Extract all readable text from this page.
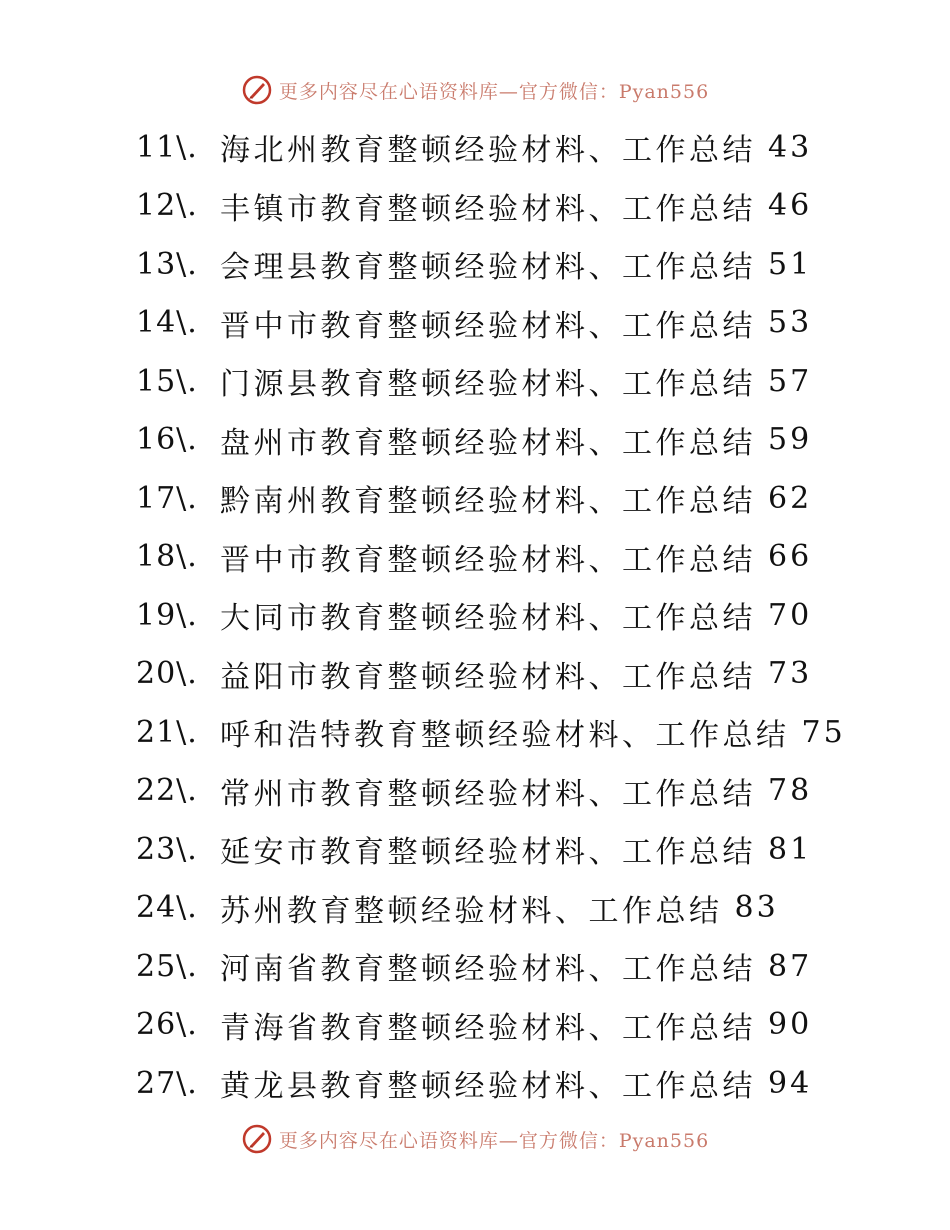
更多内容尽在心语资料库—官方微信：Pyan556
11\. 海北州教育整顿经验材料、工作总结 43
12\. 丰镇市教育整顿经验材料、工作总结 46
13\. 会理县教育整顿经验材料、工作总结 51
14\. 晋中市教育整顿经验材料、工作总结 53
15\. 门源县教育整顿经验材料、工作总结 57
16\. 盘州市教育整顿经验材料、工作总结 59
17\. 黔南州教育整顿经验材料、工作总结 62
18\. 晋中市教育整顿经验材料、工作总结 66
19\. 大同市教育整顿经验材料、工作总结 70
20\. 益阳市教育整顿经验材料、工作总结 73
21\. 呼和浩特教育整顿经验材料、工作总结 75
22\. 常州市教育整顿经验材料、工作总结 78
23\. 延安市教育整顿经验材料、工作总结 81
24\. 苏州教育整顿经验材料、工作总结 83
25\. 河南省教育整顿经验材料、工作总结 87
26\. 青海省教育整顿经验材料、工作总结 90
27\. 黄龙县教育整顿经验材料、工作总结 94
更多内容尽在心语资料库—官方微信：Pyan556
